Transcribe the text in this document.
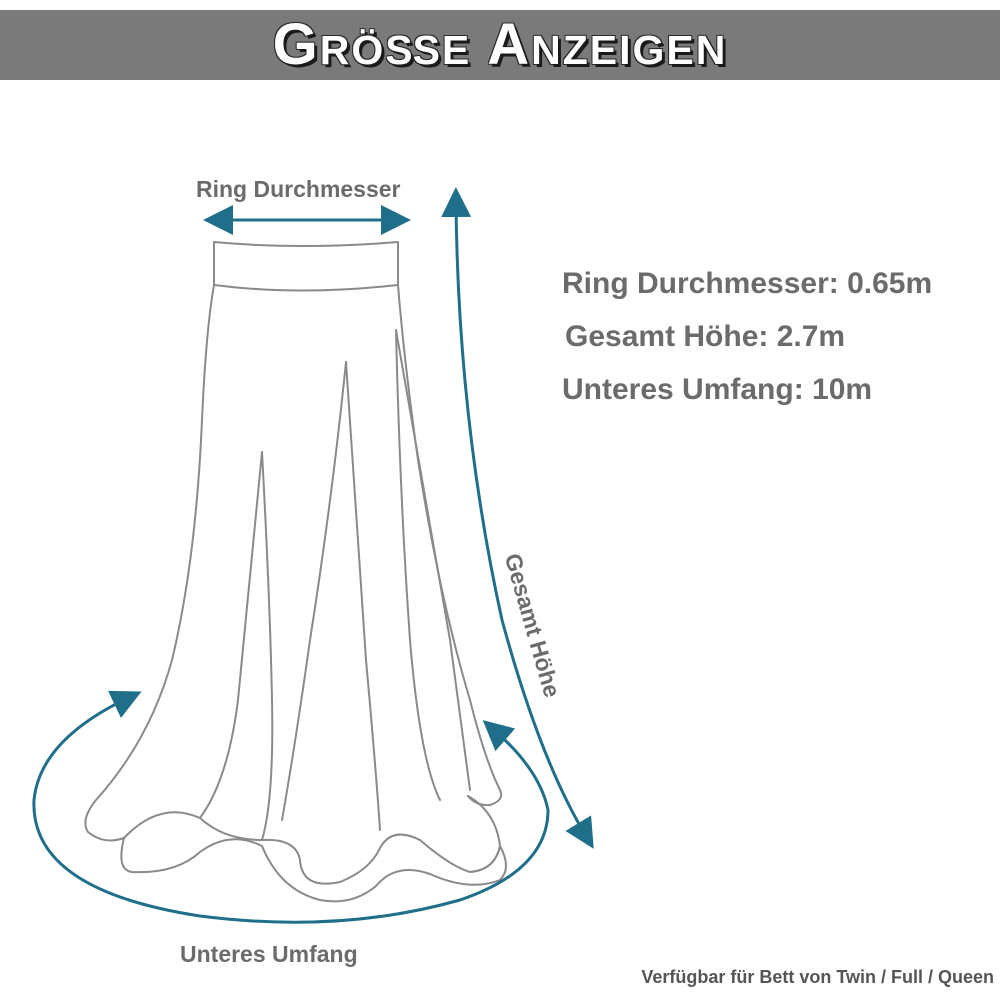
Größe Anzeigen
Ring Durchmesser
Gesamt Höhe
Unteres Umfang
Ring Durchmesser: 0.65m
Gesamt Höhe: 2.7m
Unteres Umfang: 10m
Verfügbar für Bett von Twin / Full / Queen
